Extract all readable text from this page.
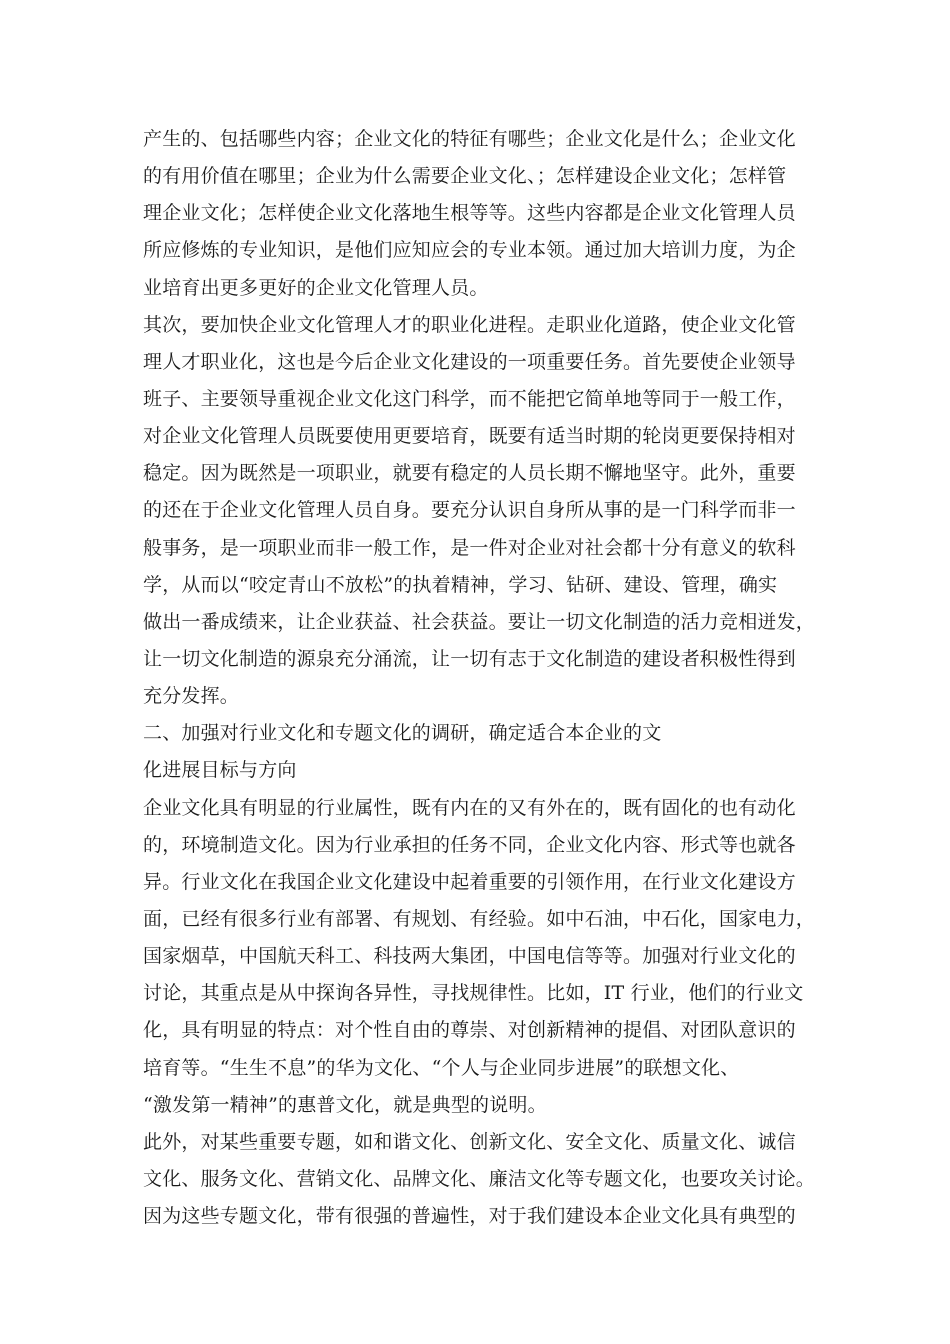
产生的、包括哪些内容；企业文化的特征有哪些；企业文化是什么；企业文化
的有用价值在哪里；企业为什么需要企业文化、；怎样建设企业文化；怎样管
理企业文化；怎样使企业文化落地生根等等。这些内容都是企业文化管理人员
所应修炼的专业知识，是他们应知应会的专业本领。通过加大培训力度，为企
业培育出更多更好的企业文化管理人员。
其次，要加快企业文化管理人才的职业化进程。走职业化道路，使企业文化管
理人才职业化，这也是今后企业文化建设的一项重要任务。首先要使企业领导
班子、主要领导重视企业文化这门科学，而不能把它简单地等同于一般工作，
对企业文化管理人员既要使用更要培育，既要有适当时期的轮岗更要保持相对
稳定。因为既然是一项职业，就要有稳定的人员长期不懈地坚守。此外，重要
的还在于企业文化管理人员自身。要充分认识自身所从事的是一门科学而非一
般事务，是一项职业而非一般工作，是一件对企业对社会都十分有意义的软科
学，从而以“咬定青山不放松”的执着精神，学习、钻研、建设、管理，确实
做出一番成绩来，让企业获益、社会获益。要让一切文化制造的活力竞相迸发，
让一切文化制造的源泉充分涌流，让一切有志于文化制造的建设者积极性得到
充分发挥。
二、加强对行业文化和专题文化的调研，确定适合本企业的文
化进展目标与方向
企业文化具有明显的行业属性，既有内在的又有外在的，既有固化的也有动化
的，环境制造文化。因为行业承担的任务不同，企业文化内容、形式等也就各
异。行业文化在我国企业文化建设中起着重要的引领作用，在行业文化建设方
面，已经有很多行业有部署、有规划、有经验。如中石油，中石化，国家电力，
国家烟草，中国航天科工、科技两大集团，中国电信等等。加强对行业文化的
讨论，其重点是从中探询各异性，寻找规律性。比如，IT 行业，他们的行业文
化，具有明显的特点：对个性自由的尊崇、对创新精神的提倡、对团队意识的
培育等。“生生不息”的华为文化、“个人与企业同步进展”的联想文化、
“激发第一精神”的惠普文化，就是典型的说明。
此外，对某些重要专题，如和谐文化、创新文化、安全文化、质量文化、诚信
文化、服务文化、营销文化、品牌文化、廉洁文化等专题文化，也要攻关讨论。
因为这些专题文化，带有很强的普遍性，对于我们建设本企业文化具有典型的
